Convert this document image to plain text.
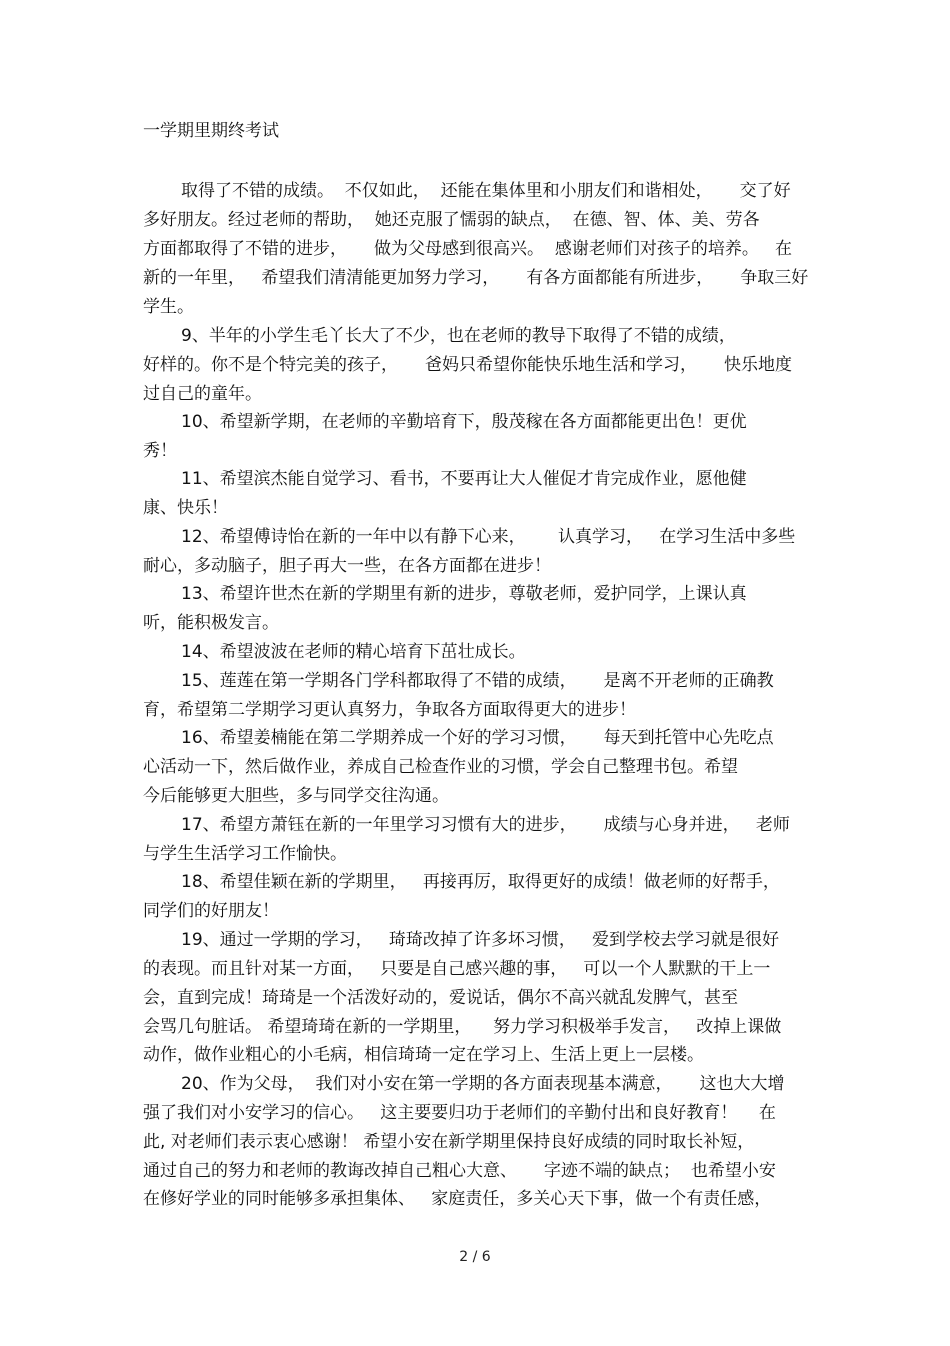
一学期里期终考试
取得了不错的成绩。  不仅如此，  还能在集体里和小朋友们和谐相处，     交了好
多好朋友。经过老师的帮助，  她还克服了懦弱的缺点，  在德、智、体、美、劳各
方面都取得了不错的进步，     做为父母感到很高兴。  感谢老师们对孩子的培养。   在
新的一年里，   希望我们清清能更加努力学习，     有各方面都能有所进步，     争取三好
学生。
9、半年的小学生毛丫长大了不少，也在老师的教导下取得了不错的成绩，
好样的。你不是个特完美的孩子，     爸妈只希望你能快乐地生活和学习，     快乐地度
过自己的童年。
10、希望新学期，在老师的辛勤培育下，殷茂稼在各方面都能更出色！更优
秀！
11、希望滨杰能自觉学习、看书，不要再让大人催促才肯完成作业，愿他健
康、快乐！
12、希望傅诗怡在新的一年中以有静下心来，      认真学习，   在学习生活中多些
耐心，多动脑子，胆子再大一些，在各方面都在进步！
13、希望许世杰在新的学期里有新的进步，尊敬老师，爱护同学，上课认真
听，能积极发言。
14、希望波波在老师的精心培育下茁壮成长。
15、莲莲在第一学期各门学科都取得了不错的成绩，     是离不开老师的正确教
育，希望第二学期学习更认真努力，争取各方面取得更大的进步！
16、希望姜楠能在第二学期养成一个好的学习习惯，     每天到托管中心先吃点
心活动一下，然后做作业，养成自己检查作业的习惯，学会自己整理书包。希望
今后能够更大胆些，多与同学交往沟通。
17、希望方萧钰在新的一年里学习习惯有大的进步，     成绩与心身并进，   老师
与学生生活学习工作愉快。
18、希望佳颖在新的学期里，   再接再厉，取得更好的成绩！做老师的好帮手，
同学们的好朋友！
19、通过一学期的学习，   琦琦改掉了许多坏习惯，   爱到学校去学习就是很好
的表现。而且针对某一方面，   只要是自己感兴趣的事，   可以一个人默默的干上一
会，直到完成！琦琦是一个活泼好动的，爱说话，偶尔不高兴就乱发脾气，甚至
会骂几句脏话。 希望琦琦在新的一学期里，    努力学习积极举手发言，   改掉上课做
动作，做作业粗心的小毛病，相信琦琦一定在学习上、生活上更上一层楼。
20、作为父母，  我们对小安在第一学期的各方面表现基本满意，     这也大大增
强了我们对小安学习的信心。   这主要要归功于老师们的辛勤付出和良好教育！    在
此, 对老师们表示衷心感谢！ 希望小安在新学期里保持良好成绩的同时取长补短，
通过自己的努力和老师的教诲改掉自己粗心大意、     字迹不端的缺点；  也希望小安
在修好学业的同时能够多承担集体、   家庭责任，多关心天下事，做一个有责任感，
2 / 6
